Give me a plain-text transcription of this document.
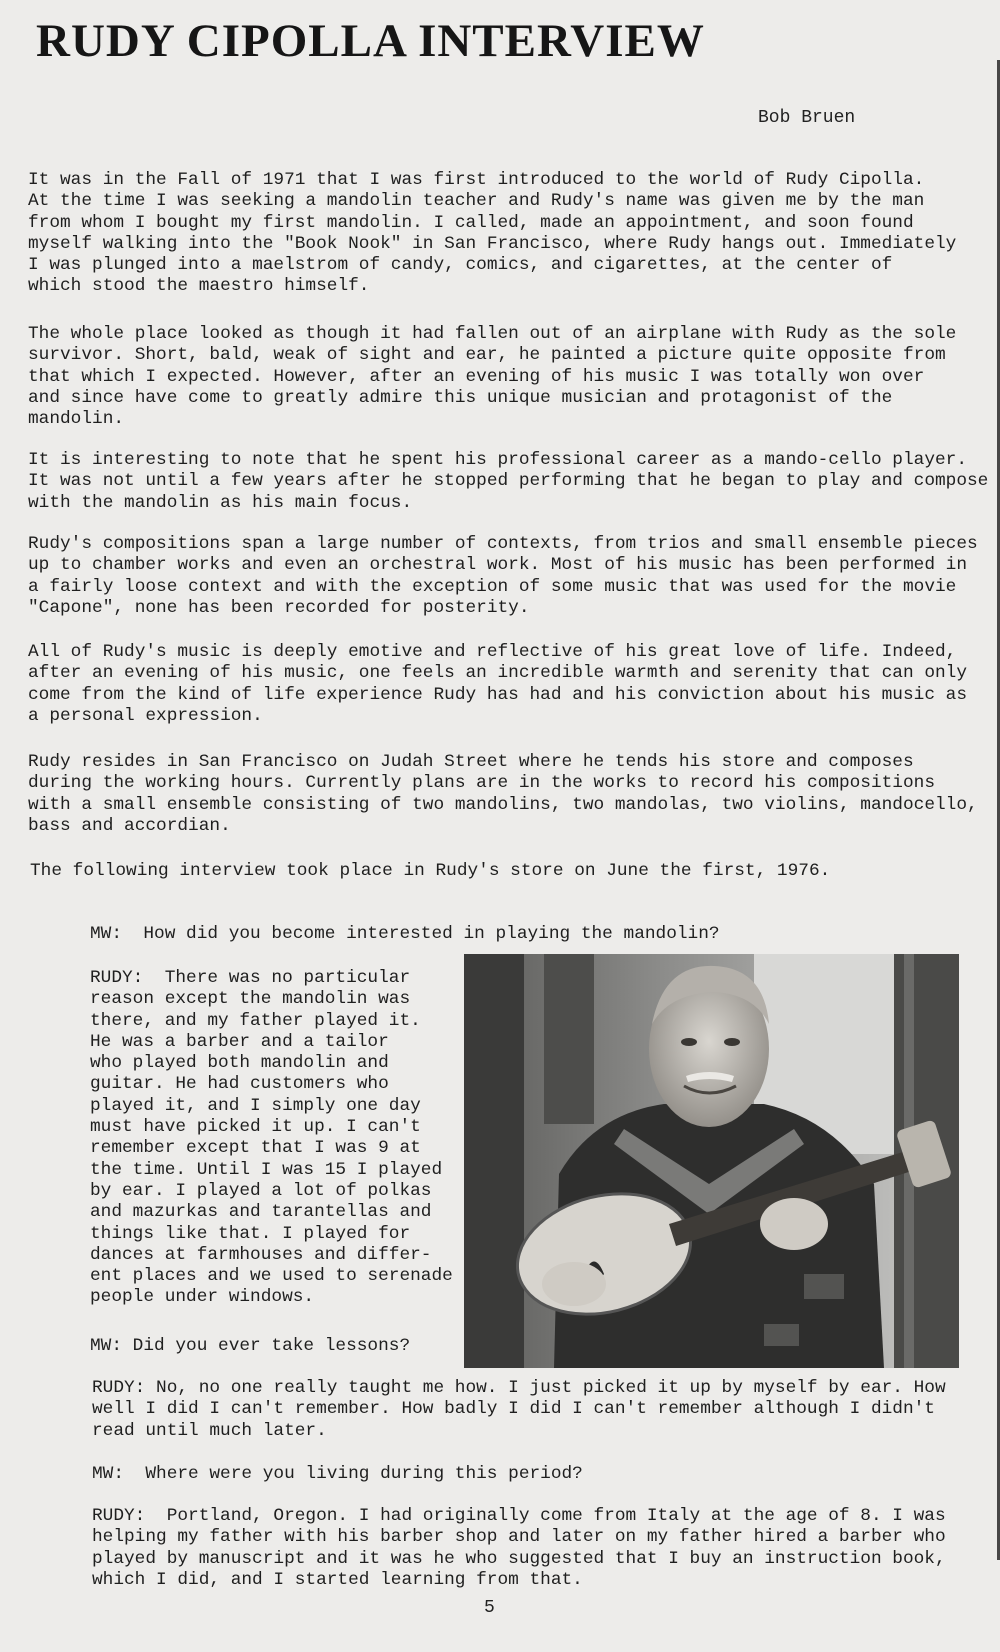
RUDY CIPOLLA INTERVIEW
Bob Bruen

It was in the Fall of 1971 that I was first introduced to the world of Rudy Cipolla.
At the time I was seeking a mandolin teacher and Rudy's name was given me by the man
from whom I bought my first mandolin. I called, made an appointment, and soon found
myself walking into the "Book Nook" in San Francisco, where Rudy hangs out. Immediately
I was plunged into a maelstrom of candy, comics, and cigarettes, at the center of
which stood the maestro himself.

The whole place looked as though it had fallen out of an airplane with Rudy as the sole
survivor. Short, bald, weak of sight and ear, he painted a picture quite opposite from
that which I expected. However, after an evening of his music I was totally won over
and since have come to greatly admire this unique musician and protagonist of the
mandolin.

It is interesting to note that he spent his professional career as a mando-cello player.
It was not until a few years after he stopped performing that he began to play and compose
with the mandolin as his main focus.

Rudy's compositions span a large number of contexts, from trios and small ensemble pieces
up to chamber works and even an orchestral work. Most of his music has been performed in
a fairly loose context and with the exception of some music that was used for the movie
"Capone", none has been recorded for posterity.

All of Rudy's music is deeply emotive and reflective of his great love of life. Indeed,
after an evening of his music, one feels an incredible warmth and serenity that can only
come from the kind of life experience Rudy has had and his conviction about his music as
a personal expression.

Rudy resides in San Francisco on Judah Street where he tends his store and composes
during the working hours. Currently plans are in the works to record his compositions
with a small ensemble consisting of two mandolins, two mandolas, two violins, mandocello,
bass and accordian.

The following interview took place in Rudy's store on June the first, 1976.

MW:  How did you become interested in playing the mandolin?

RUDY:  There was no particular
reason except the mandolin was
there, and my father played it.
He was a barber and a tailor
who played both mandolin and
guitar. He had customers who
played it, and I simply one day
must have picked it up. I can't
remember except that I was 9 at
the time. Until I was 15 I played
by ear. I played a lot of polkas
and mazurkas and tarantellas and
things like that. I played for
dances at farmhouses and differ-
ent places and we used to serenade
people under windows.

MW: Did you ever take lessons?

RUDY: No, no one really taught me how. I just picked it up by myself by ear. How
well I did I can't remember. How badly I did I can't remember although I didn't
read until much later.

MW:  Where were you living during this period?

RUDY:  Portland, Oregon. I had originally come from Italy at the age of 8. I was
helping my father with his barber shop and later on my father hired a barber who
played by manuscript and it was he who suggested that I buy an instruction book,
which I did, and I started learning from that.

5
